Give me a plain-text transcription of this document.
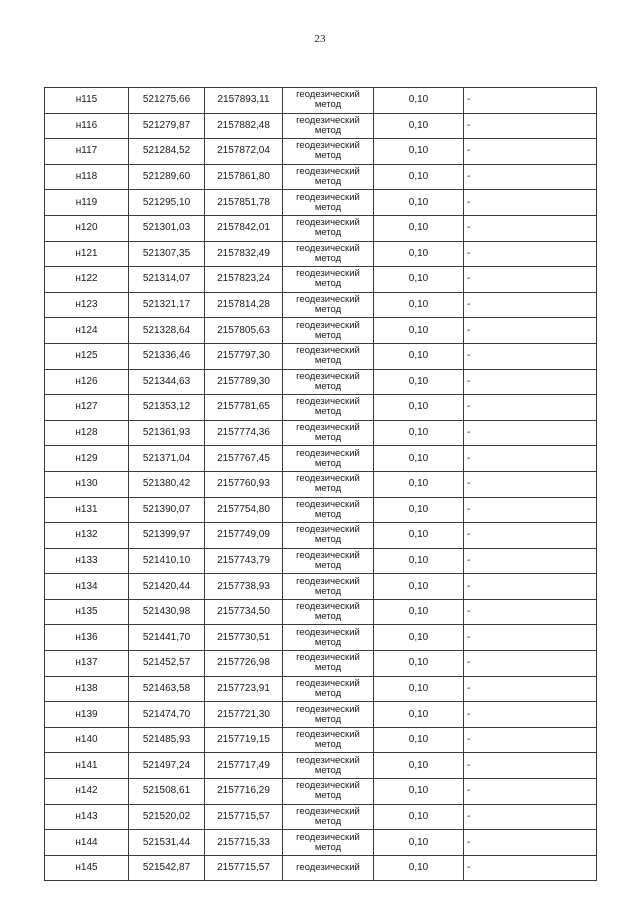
23
н115	521275,66	2157893,11	геодезический метод	0,10	-
н116	521279,87	2157882,48	геодезический метод	0,10	-
н117	521284,52	2157872,04	геодезический метод	0,10	-
н118	521289,60	2157861,80	геодезический метод	0,10	-
н119	521295,10	2157851,78	геодезический метод	0,10	-
н120	521301,03	2157842,01	геодезический метод	0,10	-
н121	521307,35	2157832,49	геодезический метод	0,10	-
н122	521314,07	2157823,24	геодезический метод	0,10	-
н123	521321,17	2157814,28	геодезический метод	0,10	-
н124	521328,64	2157805,63	геодезический метод	0,10	-
н125	521336,46	2157797,30	геодезический метод	0,10	-
н126	521344,63	2157789,30	геодезический метод	0,10	-
н127	521353,12	2157781,65	геодезический метод	0,10	-
н128	521361,93	2157774,36	геодезический метод	0,10	-
н129	521371,04	2157767,45	геодезический метод	0,10	-
н130	521380,42	2157760,93	геодезический метод	0,10	-
н131	521390,07	2157754,80	геодезический метод	0,10	-
н132	521399,97	2157749,09	геодезический метод	0,10	-
н133	521410,10	2157743,79	геодезический метод	0,10	-
н134	521420,44	2157738,93	геодезический метод	0,10	-
н135	521430,98	2157734,50	геодезический метод	0,10	-
н136	521441,70	2157730,51	геодезический метод	0,10	-
н137	521452,57	2157726,98	геодезический метод	0,10	-
н138	521463,58	2157723,91	геодезический метод	0,10	-
н139	521474,70	2157721,30	геодезический метод	0,10	-
н140	521485,93	2157719,15	геодезический метод	0,10	-
н141	521497,24	2157717,49	геодезический метод	0,10	-
н142	521508,61	2157716,29	геодезический метод	0,10	-
н143	521520,02	2157715,57	геодезический метод	0,10	-
н144	521531,44	2157715,33	геодезический метод	0,10	-
н145	521542,87	2157715,57	геодезический	0,10	-
